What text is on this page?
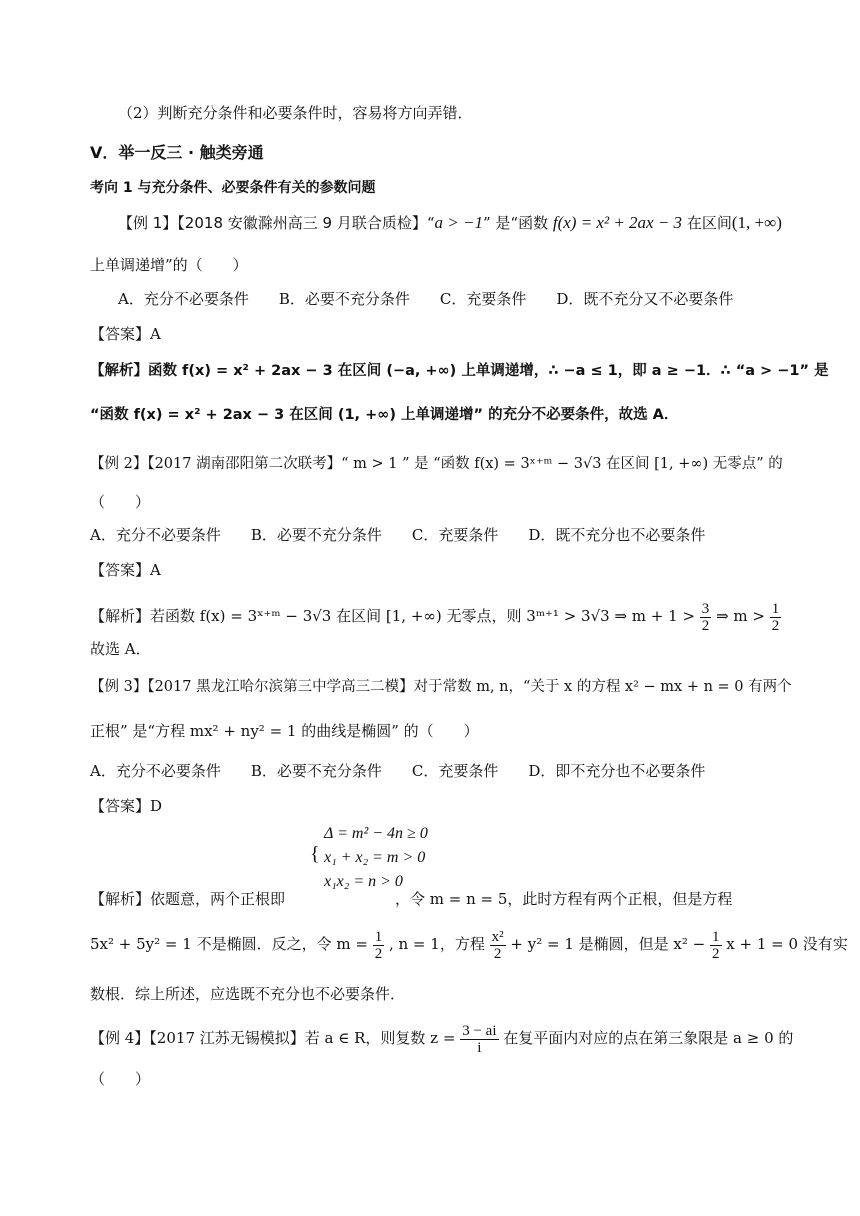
（2）判断充分条件和必要条件时，容易将方向弄错．
V．举一反三 · 触类旁通
考向 1 与充分条件、必要条件有关的参数问题
【例 1】【2018 安徽滁州高三 9 月联合质检】“a > −1” 是“函数 f(x) = x² + 2ax − 3 在区间(1, +∞)
上单调递增”的（　　）
A．充分不必要条件   B．必要不充分条件   C．充要条件   D．既不充分又不必要条件
【答案】A
【解析】函数 f(x) = x² + 2ax − 3 在区间 (−a, +∞) 上单调递增，∴ −a ≤ 1，即 a ≥ −1．∴ “a > −1” 是
“函数 f(x) = x² + 2ax − 3 在区间 (1, +∞) 上单调递增” 的充分不必要条件，故选 A．
【例 2】【2017 湖南邵阳第二次联考】“ m > 1 ” 是 “函数 f(x) = 3ˣ⁺ᵐ − 3√3 在区间 [1, +∞) 无零点” 的
（　　）
A．充分不必要条件   B．必要不充分条件   C．充要条件   D．既不充分也不必要条件
【答案】A
【解析】若函数 f(x) = 3ˣ⁺ᵐ − 3√3 在区间 [1, +∞) 无零点，则 3ᵐ⁺¹ > 3√3 ⇒ $m + 1 > \frac{3}{2}$ ⇒ $m > \frac{1}{2}$
故选 A．
【例 3】【2017 黑龙江哈尔滨第三中学高三二模】对于常数 m, n，“关于 x 的方程 x² − mx + n = 0 有两个
正根” 是“方程 mx² + ny² = 1 的曲线是椭圆” 的（　　）
A．充分不必要条件   B．必要不充分条件   C．充要条件   D．即不充分也不必要条件
【答案】D
{
Δ = m² − 4n ≥ 0
x₁ + x₂ = m > 0
x₁x₂ = n > 0
【解析】依题意，两个正根即	，令 m = n = 5，此时方程有两个正根，但是方程
5x² + 5y² = 1 不是椭圆．反之，令 $m = \frac{1}{2}$ , n = 1，方程 $\frac{\text{x²}}{2} + y^2 = 1$ 是椭圆，但是 $x^2 - \frac{1}{2}$ x + 1 = 0 没有实
数根．综上所述，应选既不充分也不必要条件．
【例 4】【2017 江苏无锡模拟】若 a ∈ R，则复数 $z = \frac{3 - ai}{i}$ 在复平面内对应的点在第三象限是 a ≥ 0 的
（　　）
